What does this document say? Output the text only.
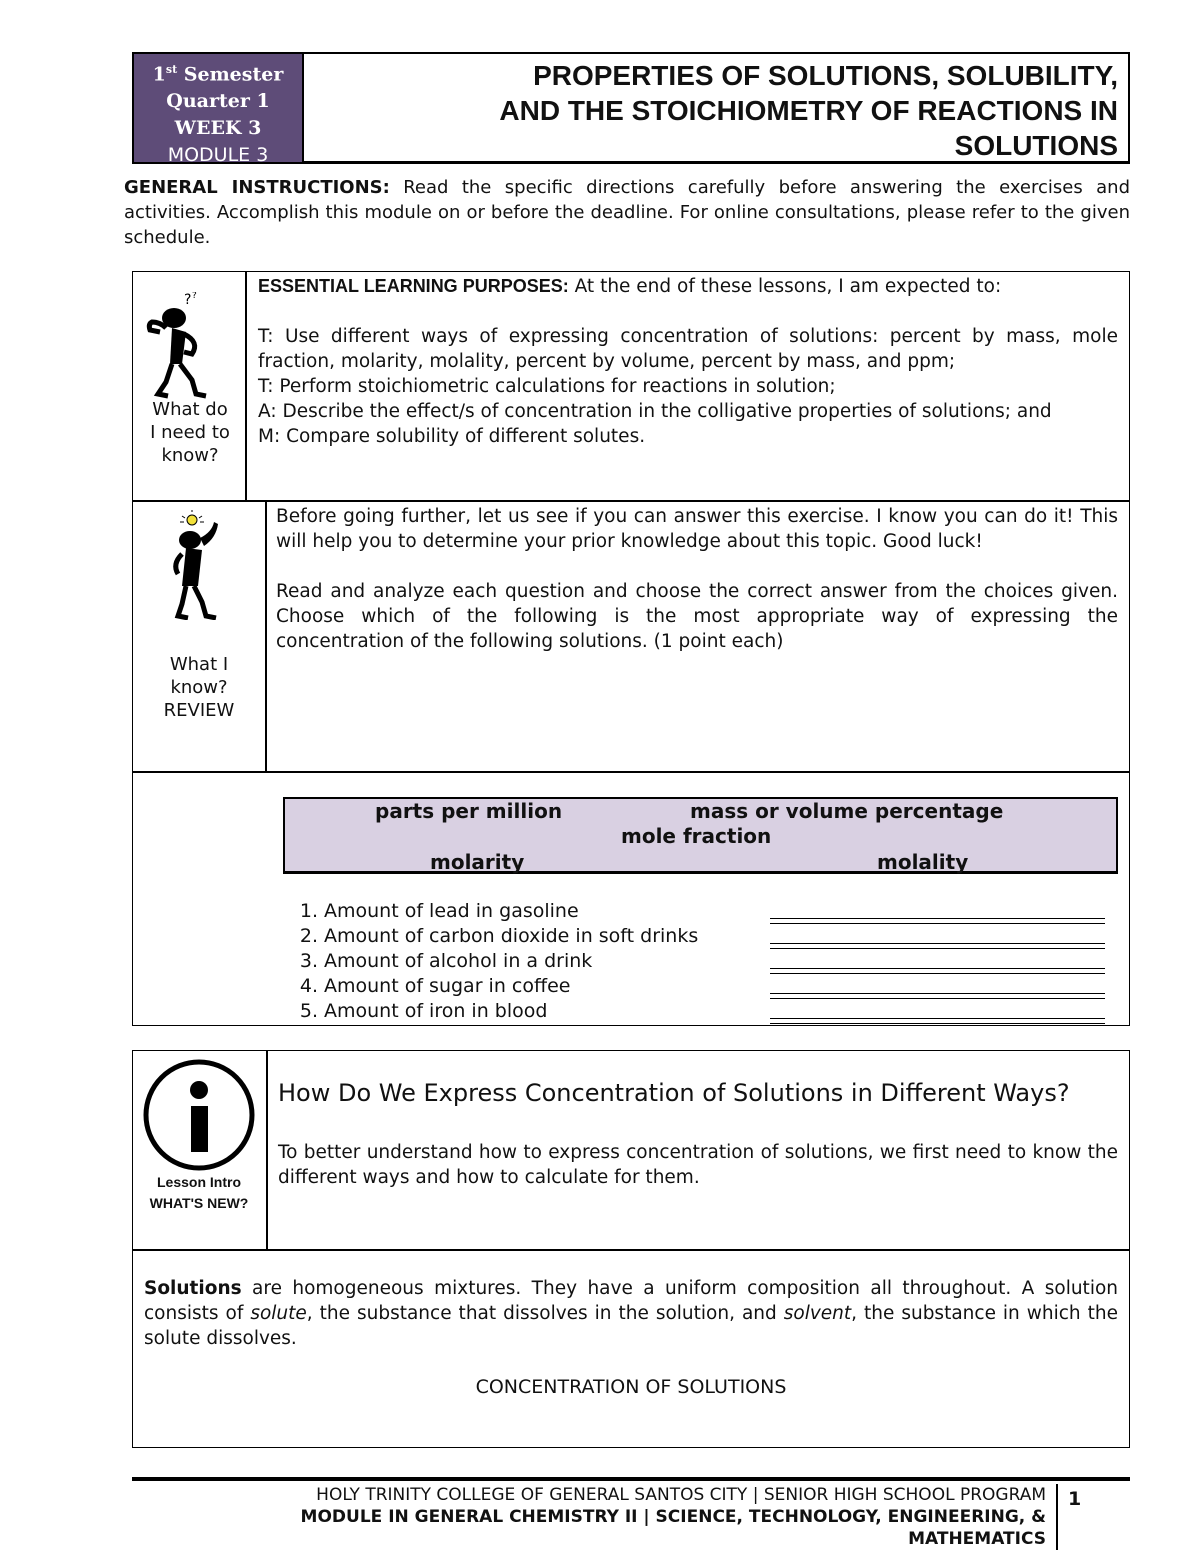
1st Semester
Quarter 1
WEEK 3
MODULE 3
PROPERTIES OF SOLUTIONS, SOLUBILITY,
AND THE STOICHIOMETRY OF REACTIONS IN
SOLUTIONS
GENERAL INSTRUCTIONS: Read the specific directions carefully before answering the exercises and activities. Accomplish this module on or before the deadline. For online consultations, please refer to the given schedule.
? ?
What do
I need to
know?
ESSENTIAL LEARNING PURPOSES: At the end of these lessons, I am expected to:
T: Use different ways of expressing concentration of solutions: percent by mass, mole fraction, molarity, molality, percent by volume, percent by mass, and ppm;
T: Perform stoichiometric calculations for reactions in solution;
A: Describe the effect/s of concentration in the colligative properties of solutions; and
M: Compare solubility of different solutes.
What I
know?
REVIEW
Before going further, let us see if you can answer this exercise. I know you can do it! This will help you to determine your prior knowledge about this topic. Good luck!
Read and analyze each question and choose the correct answer from the choices given. Choose which of the following is the most appropriate way of expressing the concentration of the following solutions. (1 point each)
parts per million	mass or volume percentage
mole fraction
molarity	molality
1. Amount of lead in gasoline
2. Amount of carbon dioxide in soft drinks
3. Amount of alcohol in a drink
4. Amount of sugar in coffee
5. Amount of iron in blood
Lesson Intro
WHAT'S NEW?
How Do We Express Concentration of Solutions in Different Ways?
To better understand how to express concentration of solutions, we first need to know the different ways and how to calculate for them.
Solutions are homogeneous mixtures. They have a uniform composition all throughout. A solution consists of solute, the substance that dissolves in the solution, and solvent, the substance in which the solute dissolves.
CONCENTRATION OF SOLUTIONS
HOLY TRINITY COLLEGE OF GENERAL SANTOS CITY | SENIOR HIGH SCHOOL PROGRAM
MODULE IN GENERAL CHEMISTRY II | SCIENCE, TECHNOLOGY, ENGINEERING, &
MATHEMATICS
1
